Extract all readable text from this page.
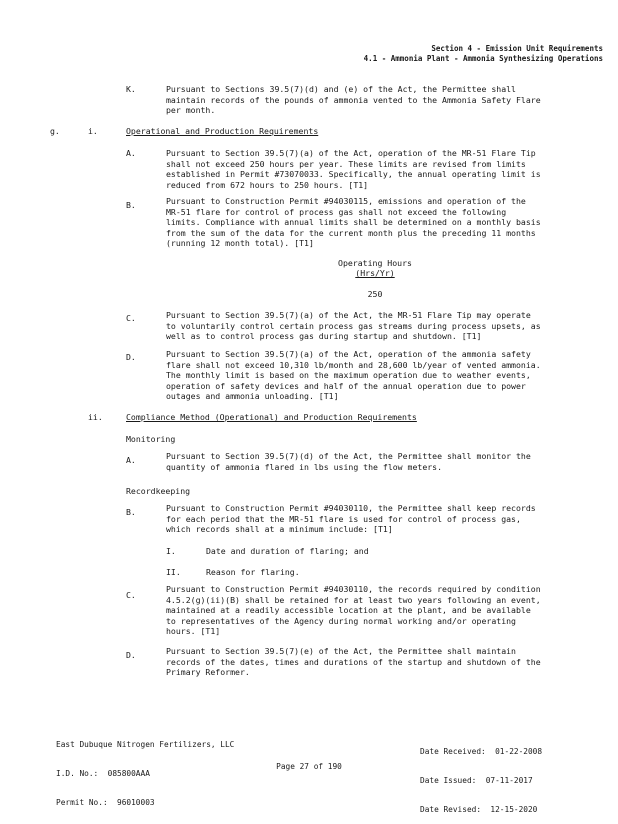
Section 4 - Emission Unit Requirements
4.1 - Ammonia Plant - Ammonia Synthesizing Operations
K.	Pursuant to Sections 39.5(7)(d) and (e) of the Act, the Permittee shall
maintain records of the pounds of ammonia vented to the Ammonia Safety Flare
per month.
g.	i.	Operational and Production Requirements
A.	Pursuant to Section 39.5(7)(a) of the Act, operation of the MR-51 Flare Tip
shall not exceed 250 hours per year. These limits are revised from limits
established in Permit #73070033. Specifically, the annual operating limit is
reduced from 672 hours to 250 hours. [T1]
B.	Pursuant to Construction Permit #94030115, emissions and operation of the
MR-51 flare for control of process gas shall not exceed the following
limits. Compliance with annual limits shall be determined on a monthly basis
from the sum of the data for the current month plus the preceding 11 months
(running 12 month total). [T1]
Operating Hours
(Hrs/Yr)
250
C.	Pursuant to Section 39.5(7)(a) of the Act, the MR-51 Flare Tip may operate
to voluntarily control certain process gas streams during process upsets, as
well as to control process gas during startup and shutdown. [T1]
D.	Pursuant to Section 39.5(7)(a) of the Act, operation of the ammonia safety
flare shall not exceed 10,310 lb/month and 28,600 lb/year of vented ammonia.
The monthly limit is based on the maximum operation due to weather events,
operation of safety devices and half of the annual operation due to power
outages and ammonia unloading. [T1]
ii.	Compliance Method (Operational) and Production Requirements
Monitoring
A.	Pursuant to Section 39.5(7)(d) of the Act, the Permittee shall monitor the
quantity of ammonia flared in lbs using the flow meters.
Recordkeeping
B.	Pursuant to Construction Permit #94030110, the Permittee shall keep records
for each period that the MR-51 flare is used for control of process gas,
which records shall at a minimum include: [T1]
I.	Date and duration of flaring; and
II.	Reason for flaring.
C.
Pursuant to Construction Permit #94030110, the records required by condition
4.5.2(g)(ii)(B) shall be retained for at least two years following an event,
maintained at a readily accessible location at the plant, and be available
to representatives of the Agency during normal working and/or operating
hours. [T1]
D.	Pursuant to Section 39.5(7)(e) of the Act, the Permittee shall maintain
records of the dates, times and durations of the startup and shutdown of the
Primary Reformer.

East Dubuque Nitrogen Fertilizers, LLC

I.D. No.:  085800AAA

Permit No.:  96010003

Date Received:  01-22-2008

Date Issued:  07-11-2017

Date Revised:  12-15-2020

Page 27 of 190
